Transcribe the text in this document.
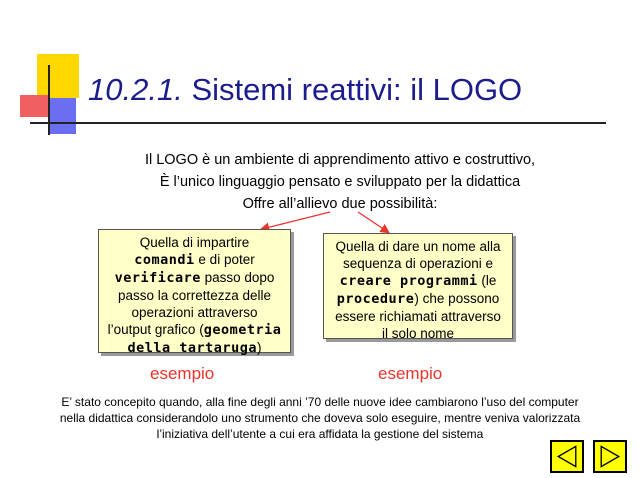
10.2.1. Sistemi reattivi: il LOGO
Il LOGO è un ambiente di apprendimento attivo e costruttivo,
È l’unico linguaggio pensato e sviluppato per la didattica
Offre all’allievo due possibilità:
Quella di impartire
comandi e di poter
verificare passo dopo
passo la correttezza delle
operazioni attraverso
l’output grafico (geometria
della tartaruga)
Quella di dare un nome alla
sequenza di operazioni e
creare programmi (le
procedure) che possono
essere richiamati attraverso
il solo nome
esempio	esempio
E’ stato concepito quando, alla fine degli anni ’70 delle nuove idee cambiarono l’uso del computer
nella didattica considerandolo uno strumento che doveva solo eseguire, mentre veniva valorizzata
l’iniziativa dell’utente a cui era affidata la gestione del sistema
